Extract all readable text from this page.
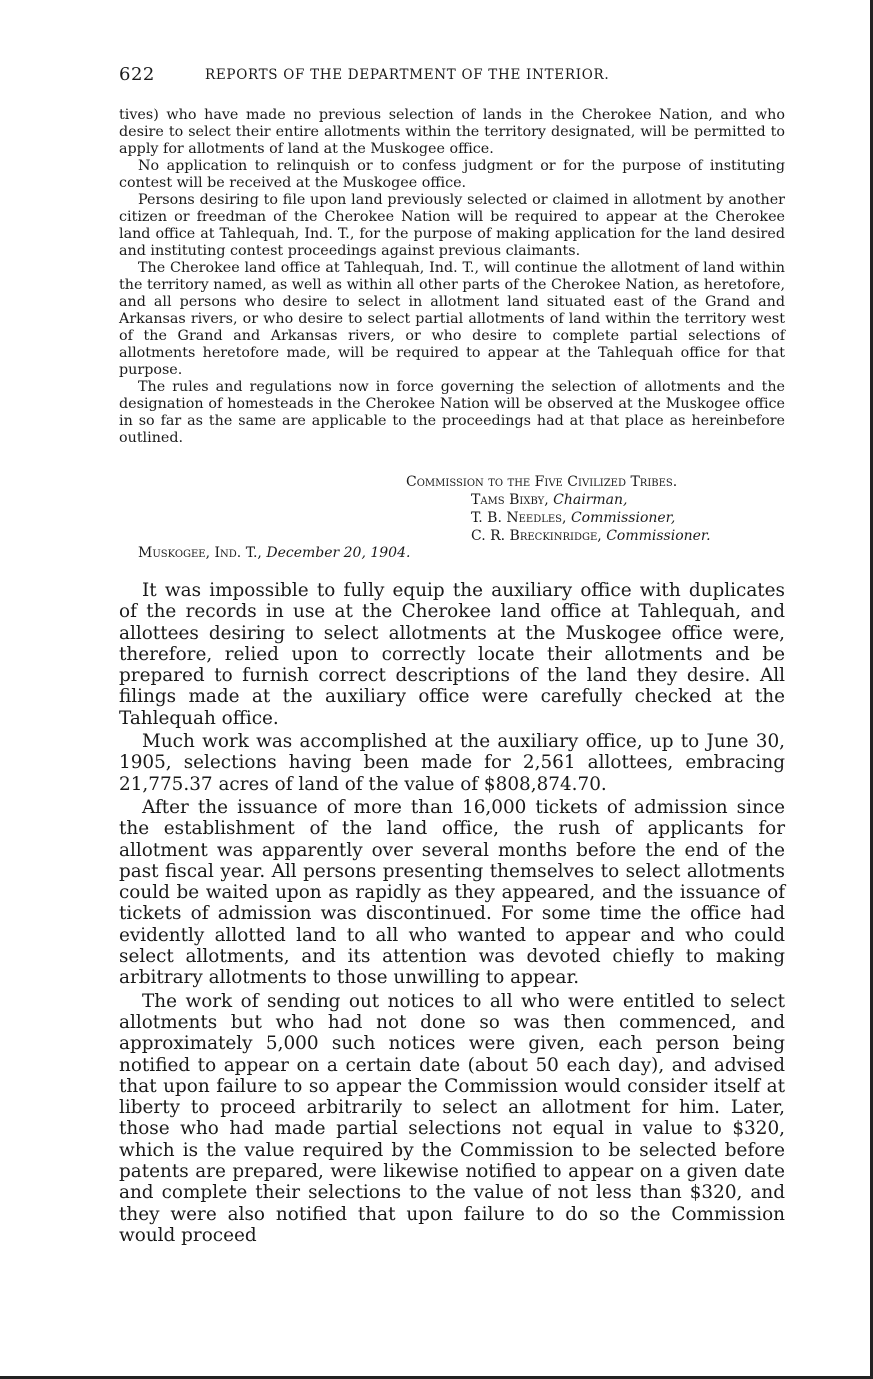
622	REPORTS OF THE DEPARTMENT OF THE INTERIOR.

tives) who have made no previous selection of lands in the Cherokee Nation, and who desire to select their entire allotments within the territory designated, will be permitted to apply for allotments of land at the Muskogee office.

No application to relinquish or to confess judgment or for the purpose of instituting contest will be received at the Muskogee office.

Persons desiring to file upon land previously selected or claimed in allotment by another citizen or freedman of the Cherokee Nation will be required to appear at the Cherokee land office at Tahlequah, Ind. T., for the purpose of making application for the land desired and instituting contest proceedings against previous claimants.

The Cherokee land office at Tahlequah, Ind. T., will continue the allotment of land within the territory named, as well as within all other parts of the Cherokee Nation, as heretofore, and all persons who desire to select in allotment land situated east of the Grand and Arkansas rivers, or who desire to select partial allotments of land within the territory west of the Grand and Arkansas rivers, or who desire to complete partial selections of allotments heretofore made, will be required to appear at the Tahlequah office for that purpose.

The rules and regulations now in force governing the selection of allotments and the designation of homesteads in the Cherokee Nation will be observed at the Muskogee office in so far as the same are applicable to the proceedings had at that place as hereinbefore outlined.

Commission to the Five Civilized Tribes.
Tams Bixby, Chairman,
T. B. Needles, Commissioner,
C. R. Breckinridge, Commissioner.
Muskogee, Ind. T., December 20, 1904.

It was impossible to fully equip the auxiliary office with duplicates of the records in use at the Cherokee land office at Tahlequah, and allottees desiring to select allotments at the Muskogee office were, therefore, relied upon to correctly locate their allotments and be prepared to furnish correct descriptions of the land they desire. All filings made at the auxiliary office were carefully checked at the Tahlequah office.

Much work was accomplished at the auxiliary office, up to June 30, 1905, selections having been made for 2,561 allottees, embracing 21,775.37 acres of land of the value of $808,874.70.

After the issuance of more than 16,000 tickets of admission since the establishment of the land office, the rush of applicants for allotment was apparently over several months before the end of the past fiscal year. All persons presenting themselves to select allotments could be waited upon as rapidly as they appeared, and the issuance of tickets of admission was discontinued. For some time the office had evidently allotted land to all who wanted to appear and who could select allotments, and its attention was devoted chiefly to making arbitrary allotments to those unwilling to appear.

The work of sending out notices to all who were entitled to select allotments but who had not done so was then commenced, and approximately 5,000 such notices were given, each person being notified to appear on a certain date (about 50 each day), and advised that upon failure to so appear the Commission would consider itself at liberty to proceed arbitrarily to select an allotment for him. Later, those who had made partial selections not equal in value to $320, which is the value required by the Commission to be selected before patents are prepared, were likewise notified to appear on a given date and complete their selections to the value of not less than $320, and they were also notified that upon failure to do so the Commission would proceed
